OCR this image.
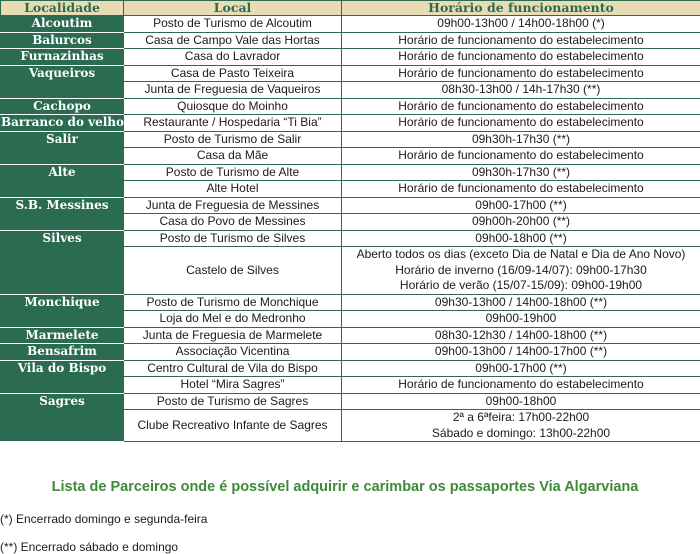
Localidade	Local	Horário de funcionamento
Alcoutim	Posto de Turismo de Alcoutim	09h00-13h00 / 14h00-18h00 (*)
Balurcos	Casa de Campo Vale das Hortas	Horário de funcionamento do estabelecimento
Furnazinhas	Casa do Lavrador	Horário de funcionamento do estabelecimento
Vaqueiros	Casa de Pasto Teixeira	Horário de funcionamento do estabelecimento
	Junta de Freguesia de Vaqueiros	08h30-13h00 / 14h-17h30 (**)
Cachopo	Quiosque do Moinho	Horário de funcionamento do estabelecimento
Barranco do velho	Restaurante / Hospedaria “Ti Bia”	Horário de funcionamento do estabelecimento
Salir	Posto de Turismo de Salir	09h30h-17h30 (**)
	Casa da Mãe	Horário de funcionamento do estabelecimento
Alte	Posto de Turismo de Alte	09h30h-17h30 (**)
	Alte Hotel	Horário de funcionamento do estabelecimento
S.B. Messines	Junta de Freguesia de Messines	09h00-17h00 (**)
	Casa do Povo de Messines	09h00h-20h00 (**)
Silves	Posto de Turismo de Silves	09h00-18h00 (**)
	Castelo de Silves	Aberto todos os dias (exceto Dia de Natal e Dia de Ano Novo)
Horário de inverno (16/09-14/07): 09h00-17h30
Horário de verão (15/07-15/09): 09h00-19h00

Monchique	Posto de Turismo de Monchique	09h30-13h00 / 14h00-18h00 (**)
	Loja do Mel e do Medronho	09h00-19h00
Marmelete	Junta de Freguesia de Marmelete	08h30-12h30 / 14h00-18h00 (**)
Bensafrim	Associação Vicentina	09h00-13h00 / 14h00-17h00 (**)
Vila do Bispo	Centro Cultural de Vila do Bispo	09h00-17h00 (**)
	Hotel “Mira Sagres”	Horário de funcionamento do estabelecimento
Sagres	Posto de Turismo de Sagres	09h00-18h00
	Clube Recreativo Infante de Sagres	2ª a 6ªfeira: 17h00-22h00
Sábado e domingo: 13h00-22h00
Lista de Parceiros onde é possível adquirir e carimbar os passaportes Via Algarviana
(*) Encerrado domingo e segunda-feira
(**) Encerrado sábado e domingo
